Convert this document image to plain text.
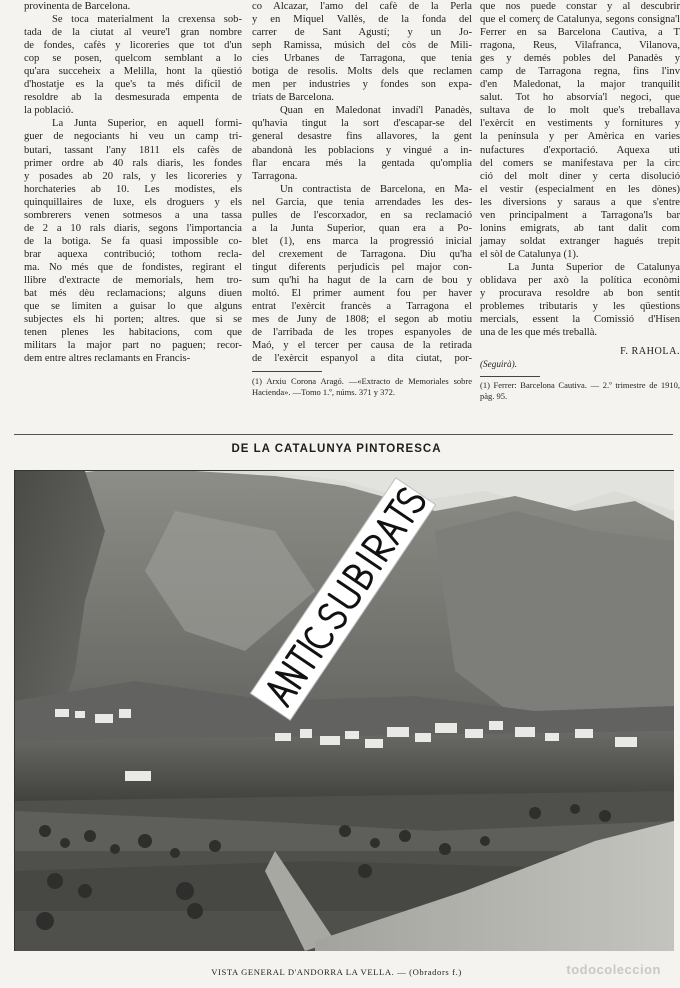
provinenta de Barcelona.
Se toca materialment la crexensa sob-
tada de la ciutat al veure'l gran nombre
de fondes, cafès y licoreries que tot d'un
cop se posen, quelcom semblant a lo
qu'ara succeheix a Melilla, hont la qüestió
d'hostatje es la que's ta més difícil de
resoldre ab la desmesurada empenta de
la població.
La Junta Superior, en aquell formi-
guer de negociants hi veu un camp tri-
butari, tassant l'any 1811 els cafès de
primer ordre ab 40 rals diaris, les fondes
y posades ab 20 rals, y les licoreries y
horchateries ab 10. Les modistes, els
quinquillaires de luxe, els droguers y els
sombrerers venen sotmesos a una tassa
de 2 a 10 rals diaris, segons l'importancia
de la botiga. Se fa quasi impossible co-
brar aquexa contribució; tothom recla-
ma. No més que de fondistes, regirant el
llibre d'extracte de memorials, hem tro-
bat més dèu reclamacions; alguns diuen
que se limiten a guisar lo que alguns
subjectes els hi porten; altres. que si se
tenen plenes les habitacions, com que
militars la major part no paguen; recor-
dem entre altres reclamants en Francis-
co Alcazar, l'amo del cafè de la Perla
y en Miquel Vallès, de la fonda del
carrer de Sant Agustí; y un Jo-
seph Ramissa, músich del còs de Mili-
cies Urbanes de Tarragona, que tenia
botiga de resolis. Molts dels que reclamen
men per industries y fondes son expa-
triats de Barcelona.
Quan en Maledonat invadí'l Panadès,
qu'havia tingut la sort d'escapar-se del
general desastre fins allavores, la gent
abandonà les poblacions y vingué a in-
flar encara més la gentada qu'omplia
Tarragona.
Un contractista de Barcelona, en Ma-
nel Garcia, que tenia arrendades les des-
pulles de l'escorxador, en sa reclamació
a la Junta Superior, quan era a Po-
blet (1), ens marca la progressió inicial
del crexement de Tarragona. Diu qu'ha
tingut diferents perjudicis pel major con-
sum qu'hi ha hagut de la carn de bou y
moltó. El primer aument fou per haver
entrat l'exèrcit francès a Tarragona el
mes de Juny de 1808; el segon ab motiu
de l'arribada de les tropes espanyoles de
Maó, y el tercer per causa de la retirada
de l'exèrcit espanyol a dita ciutat, por-

(1) Arxiu Corona Aragó. —«Extracto de Memoriales sobre Hacienda». —Tomo 1.º, núms. 371 y 372.

que nos puede constar y al descubrir
que el comerç de Catalunya, segons consigna'l
Ferrer en sa Barcelona Cautiva, a T
rragona, Reus, Vilafranca, Vilanova,
ges y demés pobles del Panadès y
camp de Tarragona regna, fins l'inv
d'en Maledonat, la major tranquilit
salut. Tot ho absorvía'l negoci, que
sultava de lo molt que's treballava
l'exèrcit en vestiments y fornitures y
la península y per Amèrica en varies
nufactures d'exportació. Aquexa uti
del comers se manifestava per la circ
ció del molt diner y certa disolució
el vestir (especialment en les dònes)
les diversions y saraus a que s'entre
ven principalment a Tarragona'ls bar
lonins emigrats, ab tant dalit com
jamay soldat extranger hagués trepit
el sòl de Catalunya (1).
La Junta Superior de Catalunya
oblidava per axò la política econòmi
y procurava resoldre ab bon sentit
problemes tributaris y les qüestions
mercials, essent la Comissió d'Hisen
una de les que més treballà.

F. RAHOLA.

(Seguirà).

(1) Ferrer: Barcelona Cautiva. — 2.º trimestre de 1910, pàg. 95.

DE LA CATALUNYA PINTORESCA
VISTA GENERAL D'ANDORRA LA VELLA. — (Obradors f.)	todocoleccion
